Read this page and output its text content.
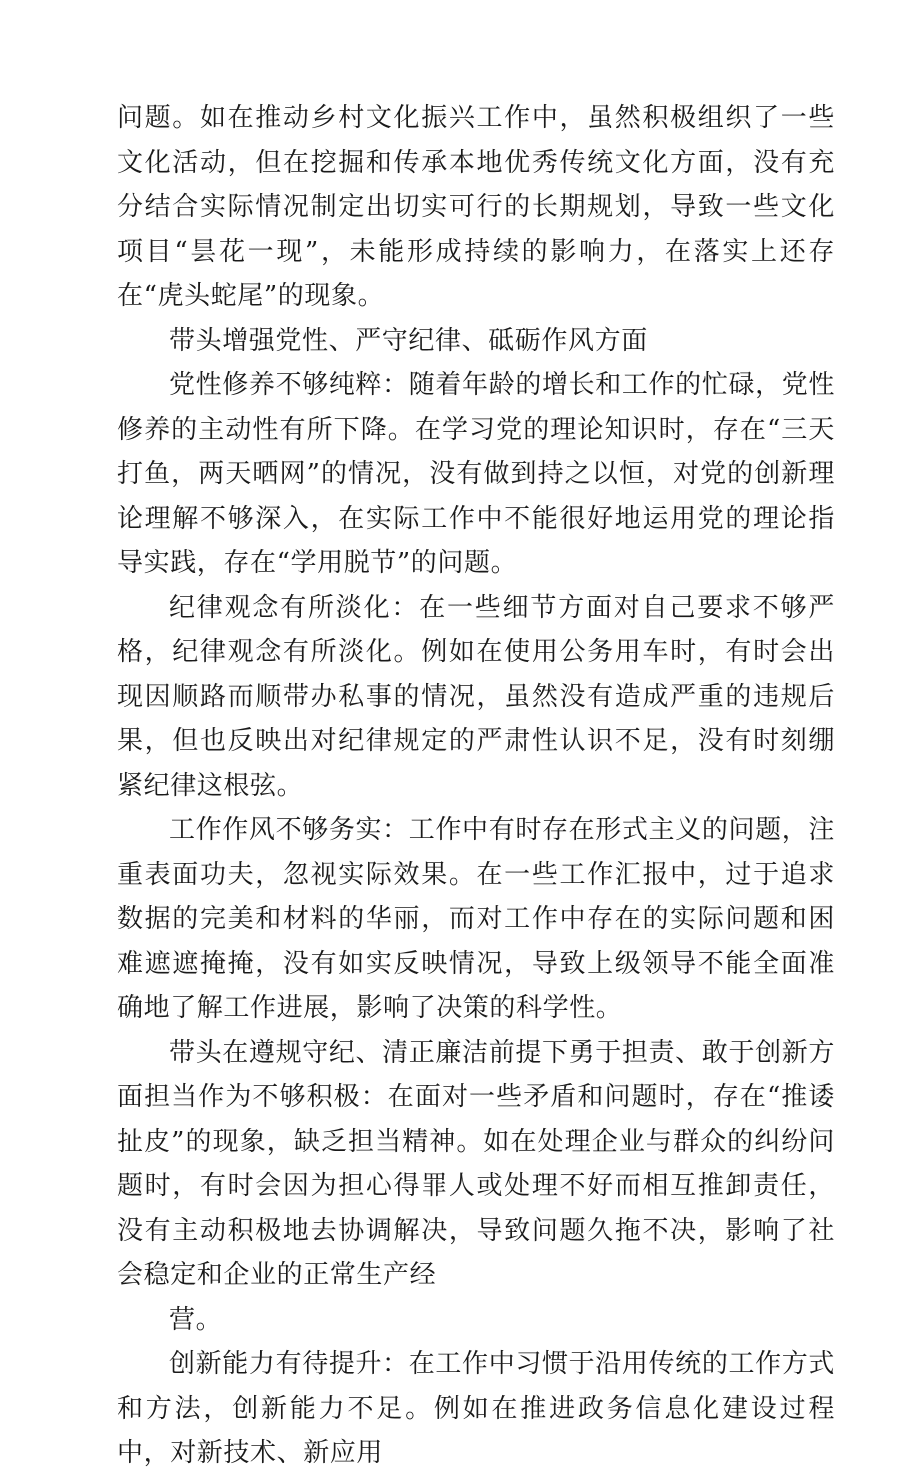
问题。如在推动乡村文化振兴工作中，虽然积极组织了一些文化活动，但在挖掘和传承本地优秀传统文化方面，没有充分结合实际情况制定出切实可行的长期规划，导致一些文化项目“昙花一现”，未能形成持续的影响力，在落实上还存在“虎头蛇尾”的现象。

带头增强党性、严守纪律、砥砺作风方面

党性修养不够纯粹：随着年龄的增长和工作的忙碌，党性修养的主动性有所下降。在学习党的理论知识时，存在“三天打鱼，两天晒网”的情况，没有做到持之以恒，对党的创新理论理解不够深入，在实际工作中不能很好地运用党的理论指导实践，存在“学用脱节”的问题。

纪律观念有所淡化：在一些细节方面对自己要求不够严格，纪律观念有所淡化。例如在使用公务用车时，有时会出现因顺路而顺带办私事的情况，虽然没有造成严重的违规后果，但也反映出对纪律规定的严肃性认识不足，没有时刻绷紧纪律这根弦。

工作作风不够务实：工作中有时存在形式主义的问题，注重表面功夫，忽视实际效果。在一些工作汇报中，过于追求数据的完美和材料的华丽，而对工作中存在的实际问题和困难遮遮掩掩，没有如实反映情况，导致上级领导不能全面准确地了解工作进展，影响了决策的科学性。

带头在遵规守纪、清正廉洁前提下勇于担责、敢于创新方面担当作为不够积极：在面对一些矛盾和问题时，存在“推诿扯皮”的现象，缺乏担当精神。如在处理企业与群众的纠纷问题时，有时会因为担心得罪人或处理不好而相互推卸责任，没有主动积极地去协调解决，导致问题久拖不决，影响了社会稳定和企业的正常生产经
营。

创新能力有待提升：在工作中习惯于沿用传统的工作方式和方法，创新能力不足。例如在推进政务信息化建设过程中，对新技术、新应用
